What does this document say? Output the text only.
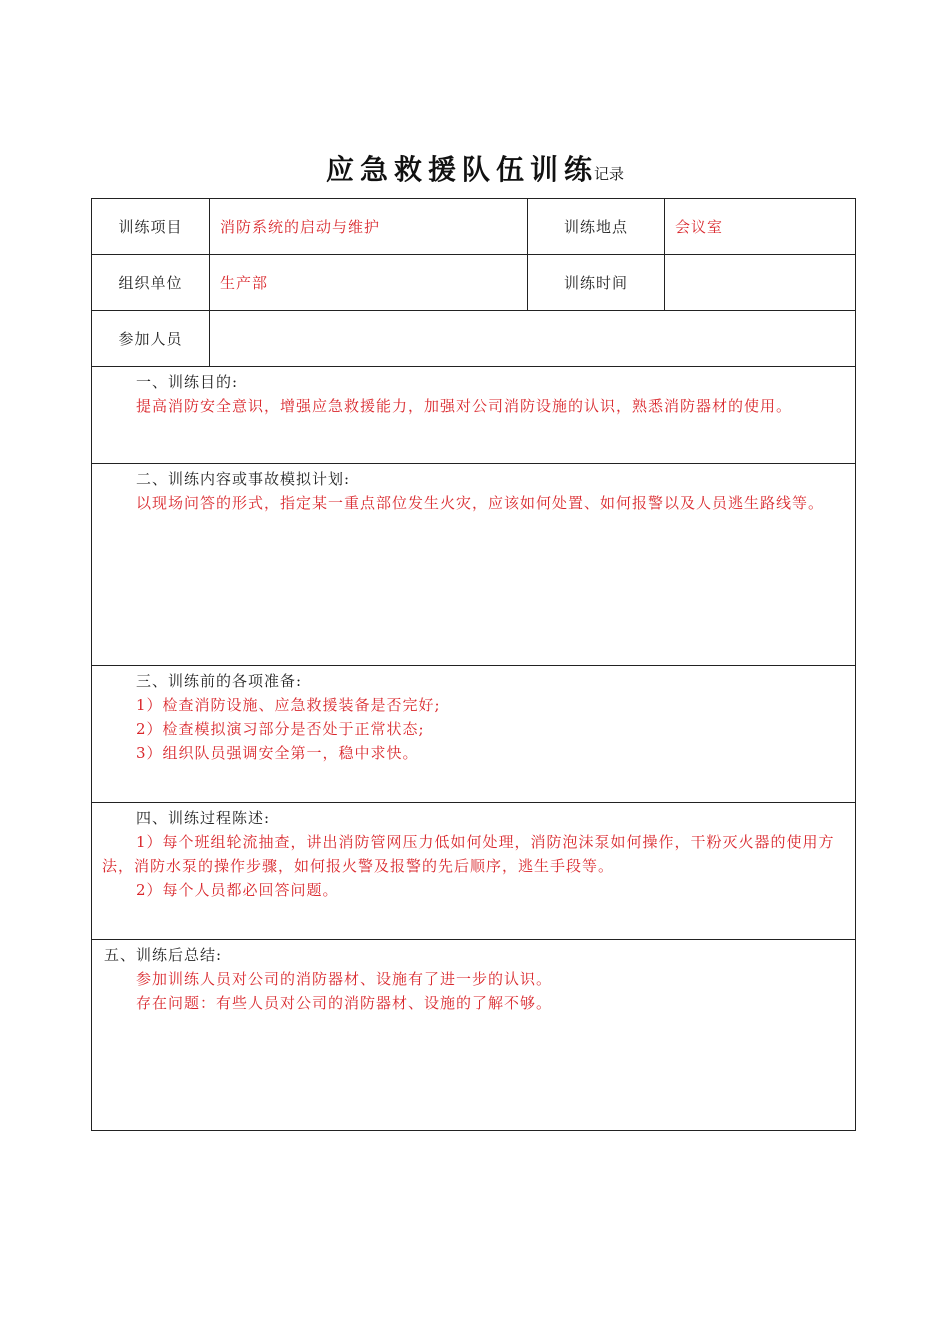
应急救援队伍训练记录
训练项目	消防系统的启动与维护	训练地点	会议室
组织单位	生产部	训练时间	
参加人员			

一、训练目的:
提高消防安全意识，增强应急救援能力，加强对公司消防设施的认识，熟悉消防器材的使用。			

二、训练内容或事故模拟计划:
以现场问答的形式，指定某一重点部位发生火灾，应该如何处置、如何报警以及人员逃生路线等。			

三、训练前的各项准备:
1）检查消防设施、应急救援装备是否完好;
2）检查模拟演习部分是否处于正常状态;
3）组织队员强调安全第一，稳中求快。			

四、训练过程陈述:
1）每个班组轮流抽查，讲出消防管网压力低如何处理，消防泡沫泵如何操作，干粉灭火器的使用方法，消防水泵的操作步骤，如何报火警及报警的先后顺序，逃生手段等。
2）每个人员都必回答问题。			

五、训练后总结:
参加训练人员对公司的消防器材、设施有了进一步的认识。
存在问题：有些人员对公司的消防器材、设施的了解不够。			
